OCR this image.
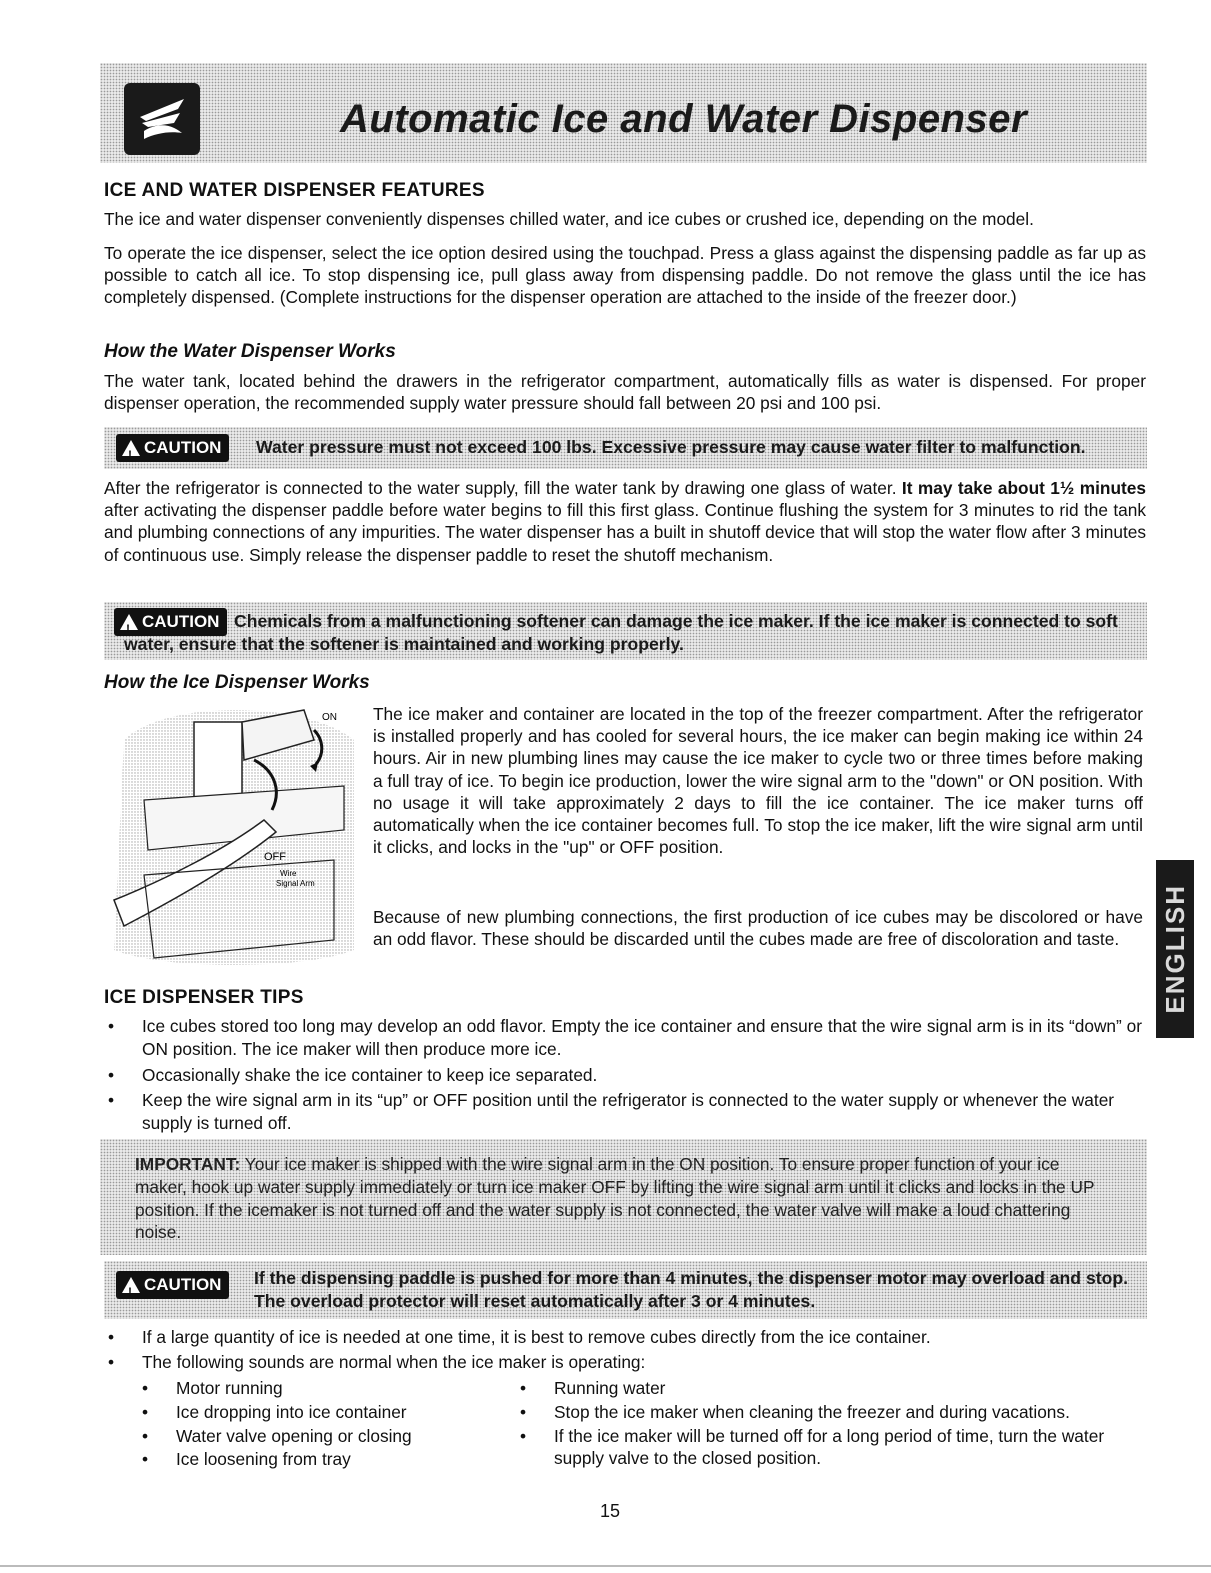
Automatic Ice and Water Dispenser
ICE AND WATER DISPENSER FEATURES

The ice and water dispenser conveniently dispenses chilled water, and ice cubes or crushed ice, depending on the model.

To operate the ice dispenser, select the ice option desired using the touchpad. Press a glass against the dispensing paddle as far up as possible to catch all ice. To stop dispensing ice, pull glass away from dispensing paddle. Do not remove the glass until the ice has completely dispensed. (Complete instructions for the dispenser operation are attached to the inside of the freezer door.)

How the Water Dispenser Works

The water tank, located behind the drawers in the refrigerator compartment, automatically fills as water is dispensed. For proper dispenser operation, the recommended supply water pressure should fall between 20 psi and 100 psi.

!
CAUTION Water pressure must not exceed 100 lbs. Excessive pressure may cause water filter to malfunction.

After the refrigerator is connected to the water supply, fill the water tank by drawing one glass of water. It may take about 1½ minutes after activating the dispenser paddle before water begins to fill this first glass. Continue flushing the system for 3 minutes to rid the tank and plumbing connections of any impurities. The water dispenser has a built in shutoff device that will stop the water flow after 3 minutes of continuous use. Simply release the dispenser paddle to reset the shutoff mechanism.

!
CAUTION Chemicals from a malfunctioning softener can damage the ice maker. If the ice maker is connected to soft water, ensure that the softener is maintained and working properly.

How the Ice Dispenser Works
ON
OFF
Wire
Signal Arm

The ice maker and container are located in the top of the freezer compartment. After the refrigerator is installed properly and has cooled for several hours, the ice maker can begin making ice within 24 hours. Air in new plumbing lines may cause the ice maker to cycle two or three times before making a full tray of ice. To begin ice production, lower the wire signal arm to the "down" or ON position. With no usage it will take approximately 2 days to fill the ice container. The ice maker turns off automatically when the ice container becomes full. To stop the ice maker, lift the wire signal arm until it clicks, and locks in the "up" or OFF position.

Because of new plumbing connections, the first production of ice cubes may be discolored or have an odd flavor. These should be discarded until the cubes made are free of discoloration and taste.

ICE DISPENSER TIPS
• Ice cubes stored too long may develop an odd flavor. Empty the ice container and ensure that the wire signal arm is in its “down” or ON position. The ice maker will then produce more ice.
• Occasionally shake the ice container to keep ice separated.
• Keep the wire signal arm in its “up” or OFF position until the refrigerator is connected to the water supply or whenever the water supply is turned off.

IMPORTANT: Your ice maker is shipped with the wire signal arm in the ON position. To ensure proper function of your ice maker, hook up water supply immediately or turn ice maker OFF by lifting the wire signal arm until it clicks and locks in the UP position. If the icemaker is not turned off and the water supply is not connected, the water valve will make a loud chattering noise.

!
CAUTION If the dispensing paddle is pushed for more than 4 minutes, the dispenser motor may overload and stop. The overload protector will reset automatically after 3 or 4 minutes.

• If a large quantity of ice is needed at one time, it is best to remove cubes directly from the ice container.
• The following sounds are normal when the ice maker is operating:
• Motor running
• Ice dropping into ice container
• Water valve opening or closing
• Ice loosening from tray
• Running water
• Stop the ice maker when cleaning the freezer and during vacations.
• If the ice maker will be turned off for a long period of time, turn the water supply valve to the closed position.
ENGLISH
15
